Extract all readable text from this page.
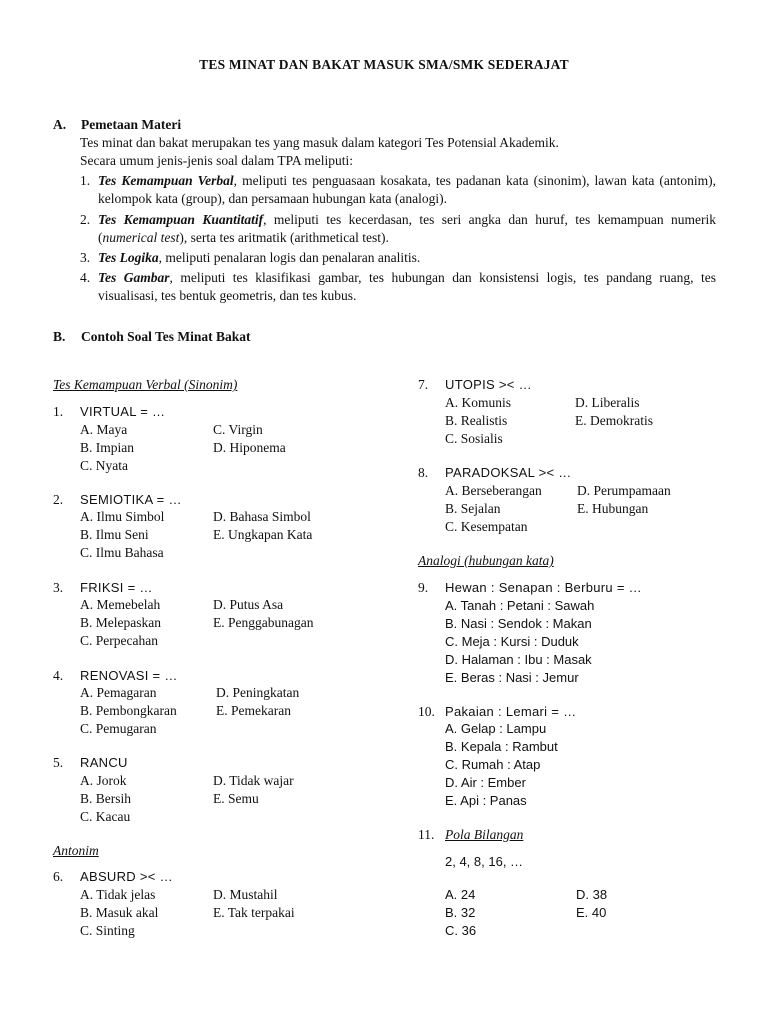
TES MINAT DAN BAKAT MASUK SMA/SMK SEDERAJAT
A. Pemetaan Materi
Tes minat dan bakat merupakan tes yang masuk dalam kategori Tes Potensial Akademik.
Secara umum jenis-jenis soal dalam TPA meliputi:
1. Tes Kemampuan Verbal, meliputi tes penguasaan kosakata, tes padanan kata (sinonim), lawan kata (antonim), kelompok kata (group), dan persamaan hubungan kata (analogi).
2. Tes Kemampuan Kuantitatif, meliputi tes kecerdasan, tes seri angka dan huruf, tes kemampuan numerik (numerical test), serta tes aritmatik (arithmetical test).
3. Tes Logika, meliputi penalaran logis dan penalaran analitis.
4. Tes Gambar, meliputi tes klasifikasi gambar, tes hubungan dan konsistensi logis, tes pandang ruang, tes visualisasi, tes bentuk geometris, dan tes kubus.
B. Contoh Soal Tes Minat Bakat
Tes Kemampuan Verbal (Sinonim)
1. VIRTUAL = …
A. Maya	C. Virgin
B. Impian	D. Hiponema
C. Nyata
2. SEMIOTIKA = …
A. Ilmu Simbol	D. Bahasa Simbol
B. Ilmu Seni	E. Ungkapan Kata
C. Ilmu Bahasa
3. FRIKSI = …
A. Memebelah	D. Putus Asa
B. Melepaskan	E. Penggabunagan
C. Perpecahan
4. RENOVASI = …
A. Pemagaran	D. Peningkatan
B. Pembongkaran	E. Pemekaran
C. Pemugaran
5. RANCU
A. Jorok	D. Tidak wajar
B. Bersih	E. Semu
C. Kacau
Antonim
6. ABSURD >< …
A. Tidak jelas	D. Mustahil
B. Masuk akal	E. Tak terpakai
C. Sinting
7. UTOPIS >< …
A. Komunis	D. Liberalis
B. Realistis	E. Demokratis
C. Sosialis
8. PARADOKSAL >< …
A. Berseberangan	D. Perumpamaan
B. Sejalan	E. Hubungan
C. Kesempatan
Analogi (hubungan kata)
9. Hewan : Senapan : Berburu = …
A. Tanah : Petani : Sawah
B. Nasi : Sendok : Makan
C. Meja : Kursi : Duduk
D. Halaman : Ibu : Masak
E. Beras : Nasi : Jemur
10. Pakaian : Lemari = …
A. Gelap : Lampu
B. Kepala : Rambut
C. Rumah : Atap
D. Air : Ember
E. Api : Panas
11. Pola Bilangan
2, 4, 8, 16, …
A. 24	D. 38
B. 32	E. 40
C. 36
